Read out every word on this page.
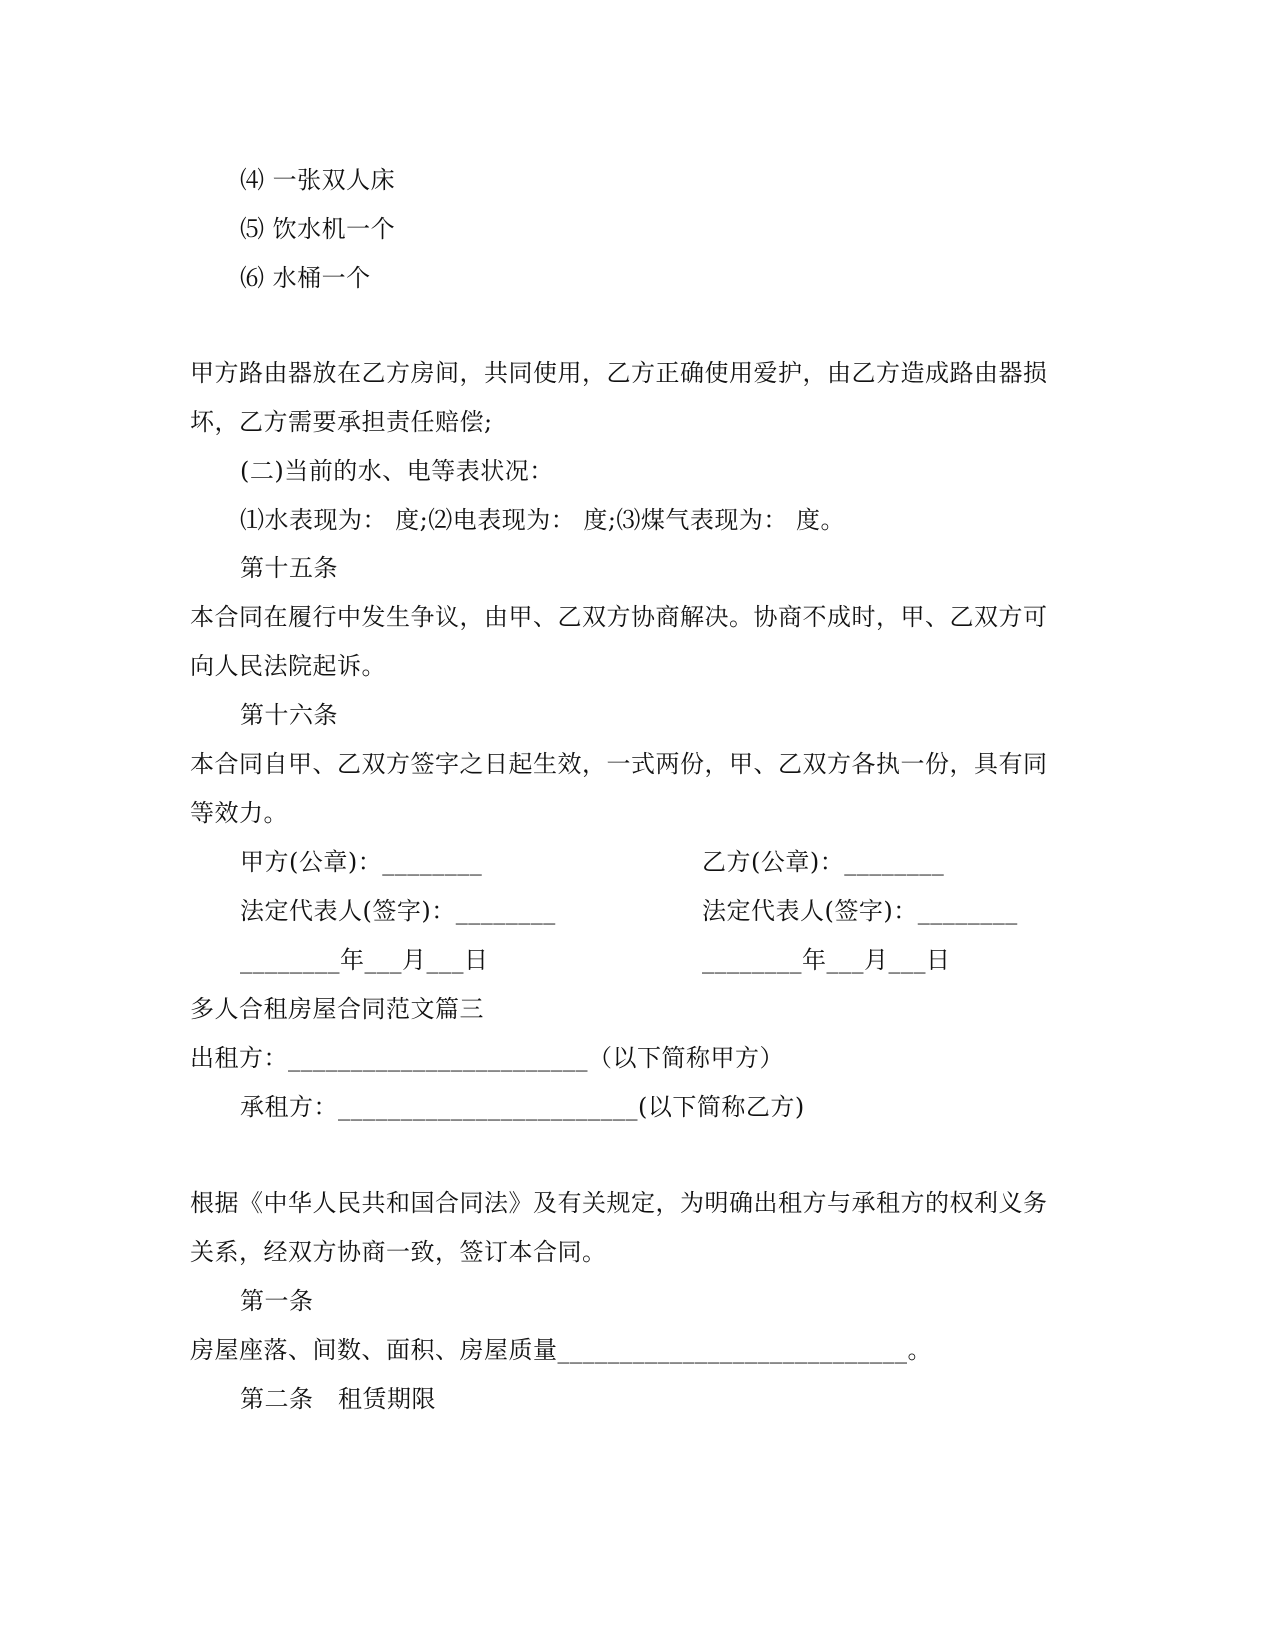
⑷ 一张双人床
⑸ 饮水机一个
⑹ 水桶一个
甲方路由器放在乙方房间，共同使用，乙方正确使用爱护，由乙方造成路由器损
坏，乙方需要承担责任赔偿;
(二)当前的水、电等表状况：
⑴水表现为： 度;⑵电表现为： 度;⑶煤气表现为： 度。
第十五条
本合同在履行中发生争议，由甲、乙双方协商解决。协商不成时，甲、乙双方可
向人民法院起诉。
第十六条
本合同自甲、乙双方签字之日起生效，一式两份，甲、乙双方各执一份，具有同
等效力。
甲方(公章)：________	乙方(公章)：________
法定代表人(签字)：________	法定代表人(签字)：________
________年___月___日	________年___月___日
多人合租房屋合同范文篇三
出租方：________________________（以下简称甲方）
承租方：________________________(以下简称乙方)
根据《中华人民共和国合同法》及有关规定，为明确出租方与承租方的权利义务
关系，经双方协商一致，签订本合同。
第一条
房屋座落、间数、面积、房屋质量____________________________。
第二条　租赁期限
